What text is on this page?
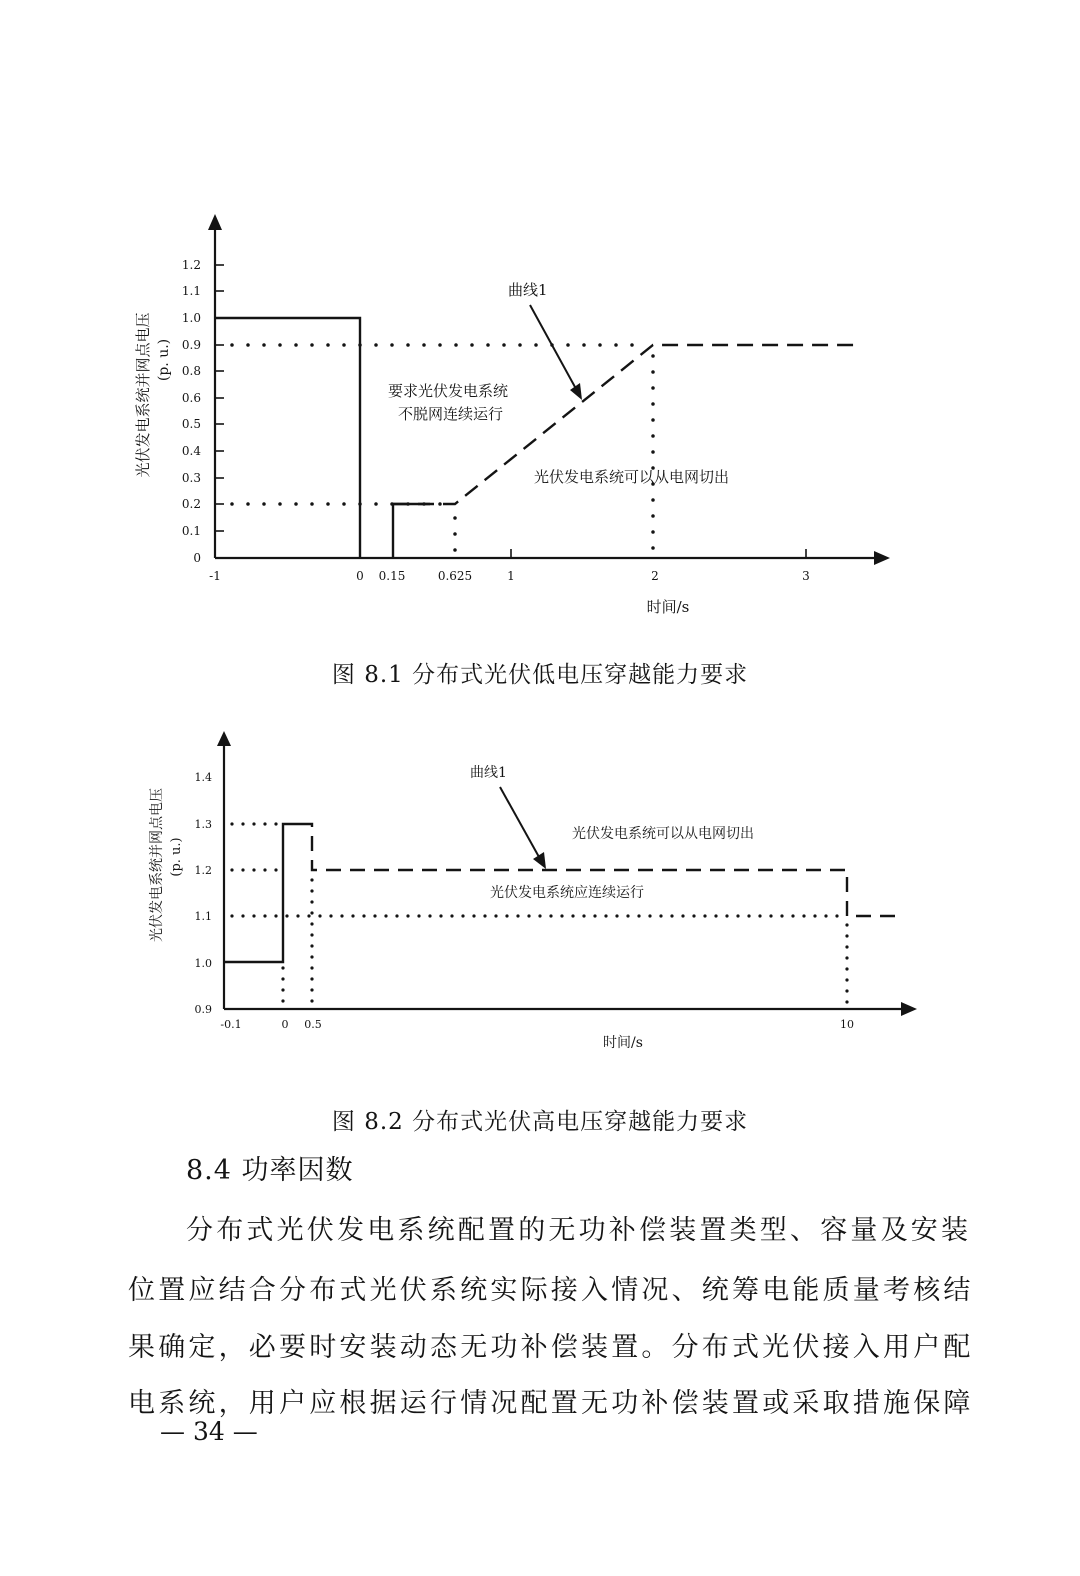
0
0.1
0.2
0.3
0.4
0.5
0.6
0.8
0.9
1.0
1.1
1.2
-1	0 0.15	0.625	1	2	3
曲线1
要求光伏发电系统
不脱网连续运行
光伏发电系统可以从电网切出
时间/s
光伏发电系统并网点电压 (p. u.)
图 8.1 分布式光伏低电压穿越能力要求
0.9
1.0
1.1
1.2
1.3
1.4
-0.1	0 0.5	10
曲线1
光伏发电系统可以从电网切出
光伏发电系统应连续运行
时间/s
光伏发电系统并网点电压 (p. u.)
图 8.2 分布式光伏高电压穿越能力要求
8.4 功率因数
分布式光伏发电系统配置的无功补偿装置类型、容量及安装
位置应结合分布式光伏系统实际接入情况、统筹电能质量考核结
果确定，必要时安装动态无功补偿装置。分布式光伏接入用户配
电系统，用户应根据运行情况配置无功补偿装置或采取措施保障
— 34 —
